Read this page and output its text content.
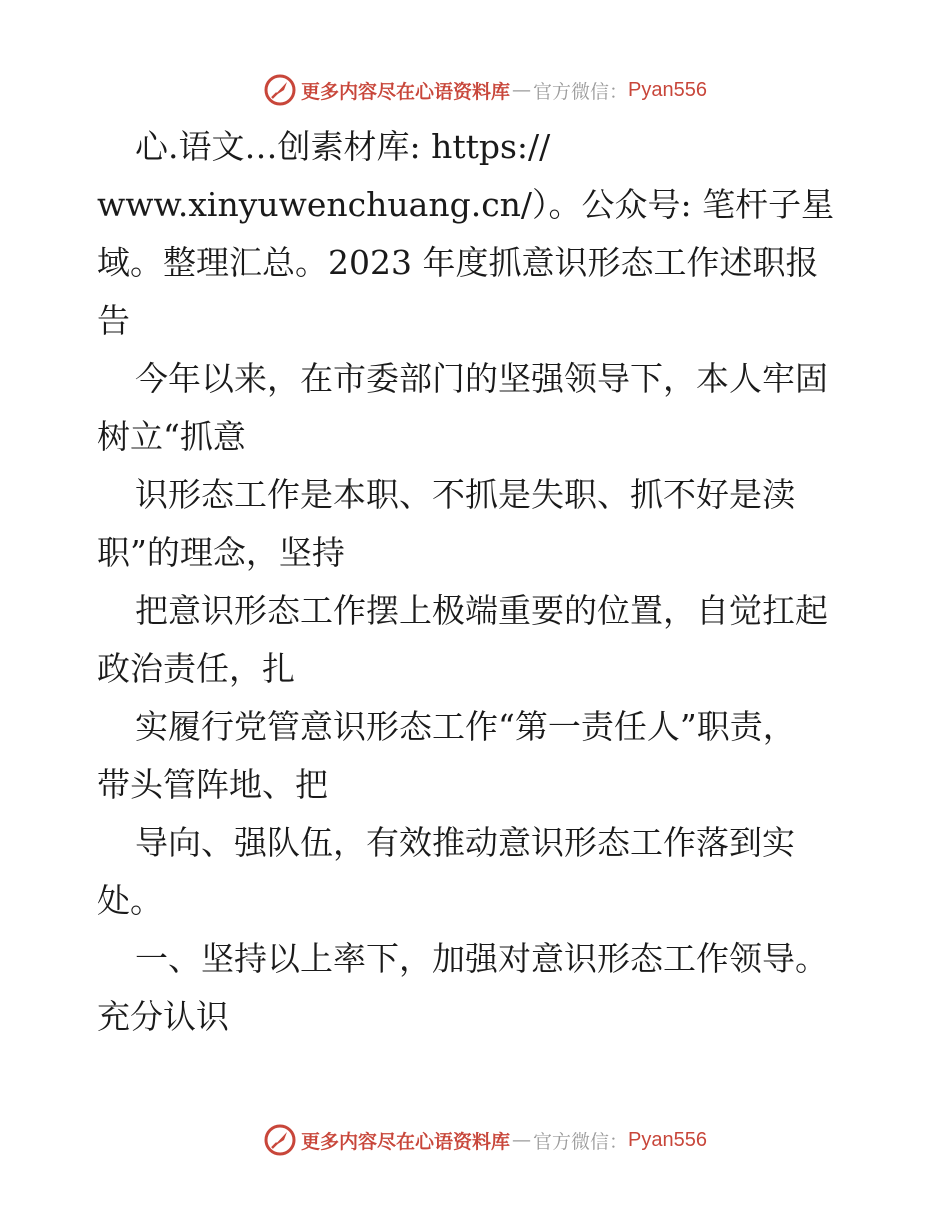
更多内容尽在心语资料库 — 官方微信： Pyan556

心.语文…创素材库: https://

www.xinyuwenchuang.cn/）。公众号: 笔杆子星

域。整理汇总。2023 年度抓意识形态工作述职报

告

今年以来，在市委部门的坚强领导下，本人牢固

树立“抓意

识形态工作是本职、不抓是失职、抓不好是渎

职”的理念，坚持

把意识形态工作摆上极端重要的位置，自觉扛起

政治责任，扎

实履行党管意识形态工作“第一责任人”职责，

带头管阵地、把

导向、强队伍，有效推动意识形态工作落到实

处。

一、坚持以上率下，加强对意识形态工作领导。

充分认识

更多内容尽在心语资料库 — 官方微信： Pyan556
